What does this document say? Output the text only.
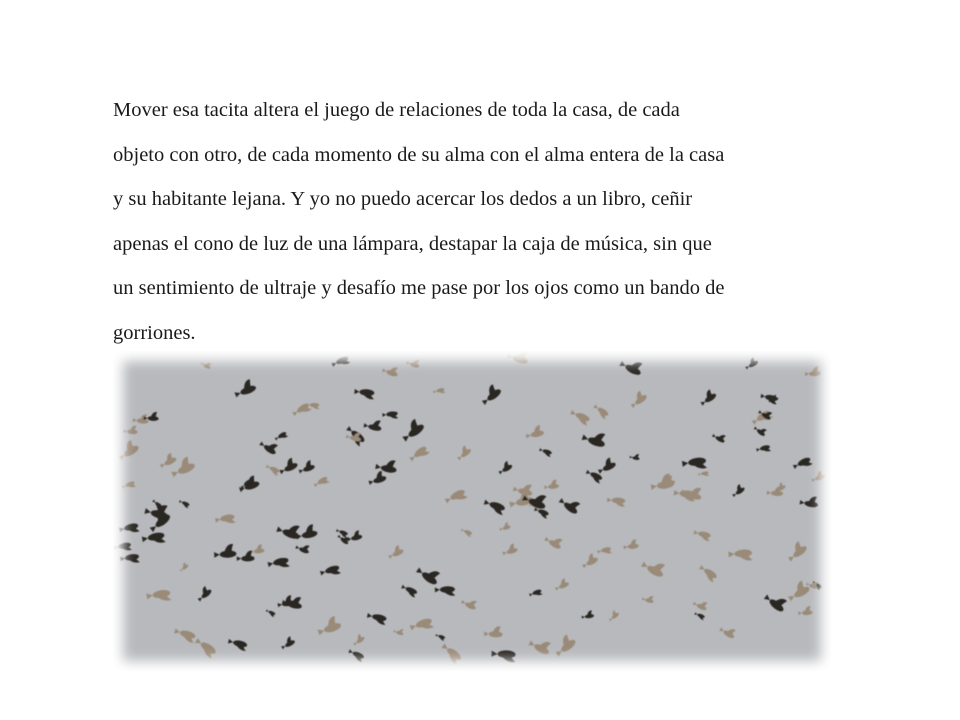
Mover esa tacita altera el juego de relaciones de toda la casa, de cada
objeto con otro, de cada momento de su alma con el alma entera de la casa
y su habitante lejana. Y yo no puedo acercar los dedos a un libro, ceñir
apenas el cono de luz de una lámpara, destapar la caja de música, sin que
un sentimiento de ultraje y desafío me pase por los ojos como un bando de
gorriones.
